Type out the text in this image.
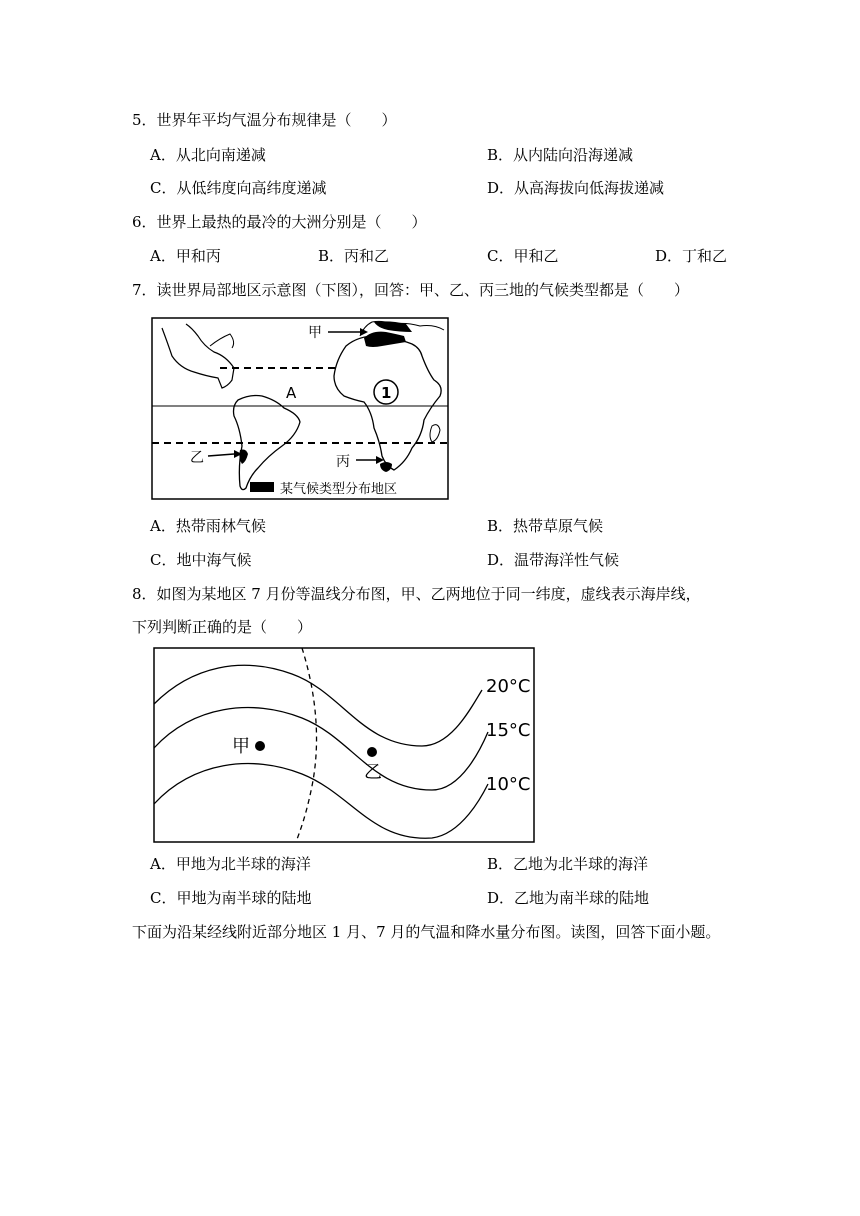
5．世界年平均气温分布规律是（　　）
A．从北向南递减	B．从内陆向沿海递减
C．从低纬度向高纬度递减	D．从高海拔向低海拔递减
6．世界上最热的最冷的大洲分别是（　　）
A．甲和丙	B．丙和乙	C．甲和乙	D．丁和乙
7．读世界局部地区示意图（下图），回答：甲、乙、丙三地的气候类型都是（　　）
甲
A	1
乙	丙
某气候类型分布地区
A．热带雨林气候	B．热带草原气候
C．地中海气候	D．温带海洋性气候
8．如图为某地区 7 月份等温线分布图，甲、乙两地位于同一纬度，虚线表示海岸线，
下列判断正确的是（　　）
20°C
15°C
10°C
甲
乙
A．甲地为北半球的海洋	B．乙地为北半球的海洋
C．甲地为南半球的陆地	D．乙地为南半球的陆地
下面为沿某经线附近部分地区 1 月、7 月的气温和降水量分布图。读图，回答下面小题。
